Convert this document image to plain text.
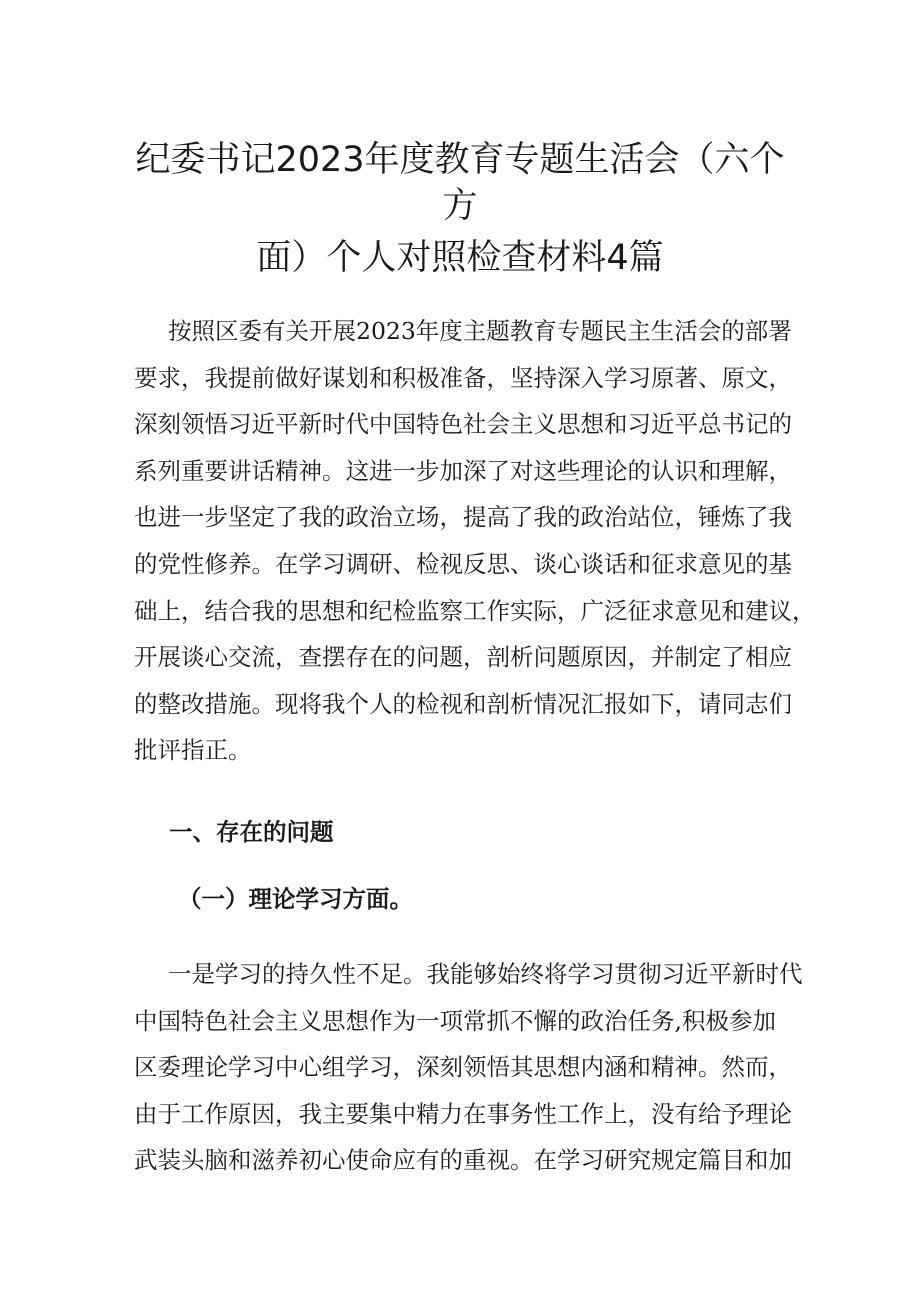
纪委书记2023年度教育专题生活会（六个
方
面）个人对照检查材料4篇

按照区委有关开展2023年度主题教育专题民主生活会的部署
要求，我提前做好谋划和积极准备，坚持深入学习原著、原文，
深刻领悟习近平新时代中国特色社会主义思想和习近平总书记的
系列重要讲话精神。这进一步加深了对这些理论的认识和理解，
也进一步坚定了我的政治立场，提高了我的政治站位，锤炼了我
的党性修养。在学习调研、检视反思、谈心谈话和征求意见的基
础上，结合我的思想和纪检监察工作实际，广泛征求意见和建议，
开展谈心交流，查摆存在的问题，剖析问题原因，并制定了相应
的整改措施。现将我个人的检视和剖析情况汇报如下，请同志们
批评指正。

一、存在的问题
（一）理论学习方面。

一是学习的持久性不足。我能够始终将学习贯彻习近平新时代
中国特色社会主义思想作为一项常抓不懈的政治任务,积极参加
区委理论学习中心组学习，深刻领悟其思想内涵和精神。然而，
由于工作原因，我主要集中精力在事务性工作上，没有给予理论
武装头脑和滋养初心使命应有的重视。在学习研究规定篇目和加
